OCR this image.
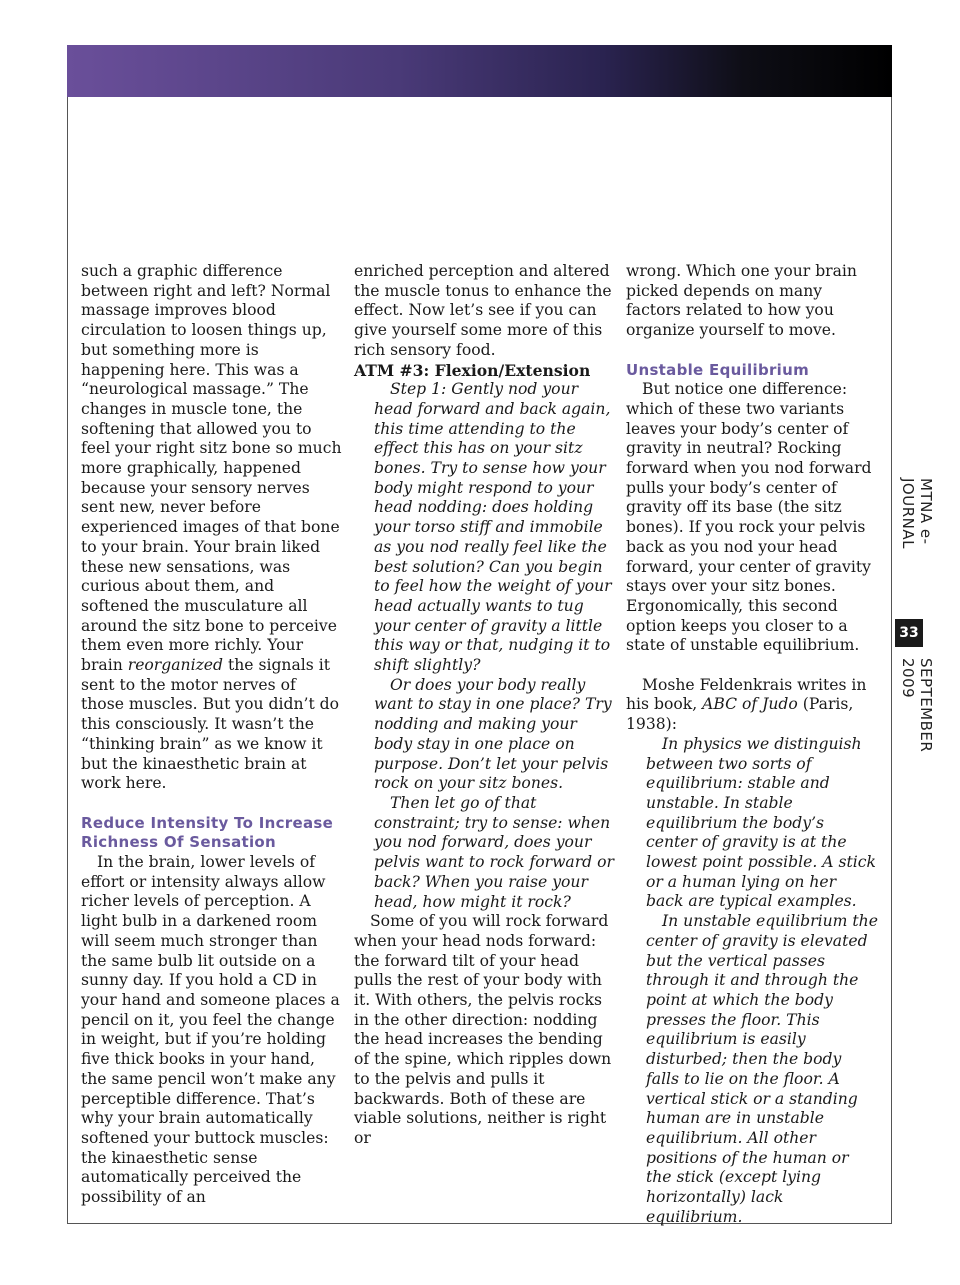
such a graphic difference between right and left? Normal massage improves blood circulation to loosen things up, but something more is happening here. This was a “neurological massage.” The changes in muscle tone, the softening that allowed you to feel your right sitz bone so much more graphically, happened because your sensory nerves sent new, never before experienced images of that bone to your brain. Your brain liked these new sensations, was curious about them, and softened the musculature all around the sitz bone to perceive them even more richly. Your brain reorganized the signals it sent to the motor nerves of those muscles. But you didn’t do this consciously. It wasn’t the “thinking brain” as we know it but the kinaesthetic brain at work here.

Reduce Intensity To Increase Richness Of Sensation

In the brain, lower levels of effort or intensity always allow richer levels of perception. A light bulb in a darkened room will seem much stronger than the same bulb lit outside on a sunny day. If you hold a CD in your hand and someone places a pencil on it, you feel the change in weight, but if you’re holding five thick books in your hand, the same pencil won’t make any perceptible difference. That’s why your brain automatically softened your buttock muscles: the kinaesthetic sense automatically perceived the possibility of an

enriched perception and altered the muscle tonus to enhance the effect. Now let’s see if you can give yourself some more of this rich sensory food.

ATM #3: Flexion/Extension

Step 1: Gently nod your head forward and back again, this time attending to the effect this has on your sitz bones. Try to sense how your body might respond to your head nodding: does holding your torso stiff and immobile as you nod really feel like the best solution? Can you begin to feel how the weight of your head actually wants to tug your center of gravity a little this way or that, nudging it to shift slightly?

Or does your body really want to stay in one place? Try nodding and making your body stay in one place on purpose. Don’t let your pelvis rock on your sitz bones.

Then let go of that constraint; try to sense: when you nod forward, does your pelvis want to rock forward or back? When you raise your head, how might it rock?

Some of you will rock forward when your head nods forward: the forward tilt of your head pulls the rest of your body with it. With others, the pelvis rocks in the other direction: nodding the head increases the bending of the spine, which ripples down to the pelvis and pulls it backwards. Both of these are viable solutions, neither is right or

wrong. Which one your brain picked depends on many factors related to how you organize yourself to move.

Unstable Equilibrium

But notice one difference: which of these two variants leaves your body’s center of gravity in neutral? Rocking forward when you nod forward pulls your body’s center of gravity off its base (the sitz bones). If you rock your pelvis back as you nod your head forward, your center of gravity stays over your sitz bones. Ergonomically, this second option keeps you closer to a state of unstable equilibrium.

Moshe Feldenkrais writes in his book, ABC of Judo (Paris, 1938):

In physics we distinguish between two sorts of equilibrium: stable and unstable. In stable equilibrium the body’s center of gravity is at the lowest point possible. A stick or a human lying on her back are typical examples.

In unstable equilibrium the center of gravity is elevated but the vertical passes through it and through the point at which the body presses the floor. This equilibrium is easily disturbed; then the body falls to lie on the floor. A vertical stick or a standing human are in unstable equilibrium. All other positions of the human or the stick (except lying horizontally) lack equilibrium.

MTNA e-JOURNAL
33
SEPTEMBER 2009
